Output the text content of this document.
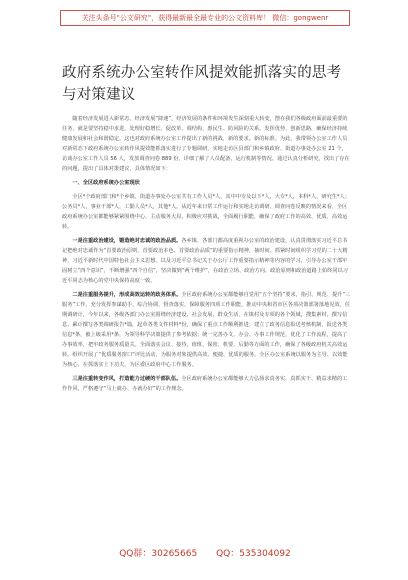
关注头条号"公文研究"，获得最新最全最专业的公文资料库！ 微信：gongwenr
政府系统办公室转作风提效能抓落实的思考与对策建议

随着经济发展进入新常态，经济发展“降速”，经济发展的条件和环境发生深刻重大转变，摆在我们各级政府面前最重要的任务，就是要坚持稳中求进，处理好稳增长、促改革、调结构、惠民生、防风险的关系，发挥优势、创新思路，确保经济持续健康发展和社会和谐稳定。这也对政府系统办公室工作提出了新的挑战，新的要求。新的标准。为此，我带领办公室工作人员对新常态下政府系统办公室转作风提效能抓落实进行了专题调研，实地走访区县部门和乡镇政府、街道办事处办公室 21 个，访谈办公室工作人员 56 人，发放调查问卷 889 份，详细了解了人员配备、运行机制等情况。通过认真分析研究，找出了存在的问题，提出了具体对策建议，具体情况如下：

一、全区政府系统办公室现状

全区*个政府部门和*个乡镇、街道办事处办公室共有工作人员*人，其中中专及以下*人，大专*人，本科*人，研究生*人；公务员*人，事业干部*人，工勤人员*人，其他*人。从近年来日常工作运行和实地走访调研、调查问卷反映的情况来看，全区政府系统办公室都能够紧紧围绕中心，主动服务大局，积极应对挑战，全面履行职能，确保了政府工作的高效、优质、高效运转。

一是注重政治建设，锻造绝对忠诚的政治品质。各乡镇、各部门都高度重视办公室的政治建设，认真贯彻落实习近平总书记把绝对忠诚作为“首要政治原则、首要政治本色、首要政治品质”的重要指示精神，抽时间、抓紧时间组织学习党的二十大精神，习近平新时代中国特色社会主义思想，以及习近平总书记关于办公厅工作重要指示精神等内容的学习，引导办公室干部牢固树立“四个意识”，不断增强“四个自信”，坚决做到“两个维护”，在政治立场、政治方向、政治原则和政治道路上始终同以习近平同志为核心的党中央保持高度一致。

二是注重服务提升，形成高效运转的政务体系。全区政府系统办公室都能够自觉用“五个坚持”要求，指引、规范、提升“三服务”工作，充分发挥参谋助手、综合协调、督查落实、保障服务四项工作职能，推动中央和省市区各项决策部署落地见效，任期调研计，今年以来，各级各部门办公室围绕经济建设、社会发展、群众生活，在镇村及专项的各个领域，搜集素材，撰写信息，累计撰写各类调研报告*篇，起草各类文件材料*份，确保了重点工作顺利推进；建立了政务信息报送考核机制，报送各类信息*条，被上级采用*条，为领导科学决策提供了参考依据；统一完善办文、办会、办事工作规范，优化了工作流程，提高了办事效率，把牢政务服务质量关。全面落实会议、接待、值班、保密、机要、后勤等方面的工作，确保了各级政府机关高效运转。组织开展了“优质服务窗口”评比活动，为服务对象提供高效、便捷、优质的服务。全区办公室系统以服务为主导、以效能为核心，在抓落实上下功夫，为区委区政府中心工作服务。

三是注重转变作风，打造能力过硬的干部队伍。全区政府系统办公室都能够大力弘扬求真务实、真抓实干、精益求精的工作作风，严格遵守“马上就办、办就办好”的工作理念。

QQ群：30265665 QQ：535304092
